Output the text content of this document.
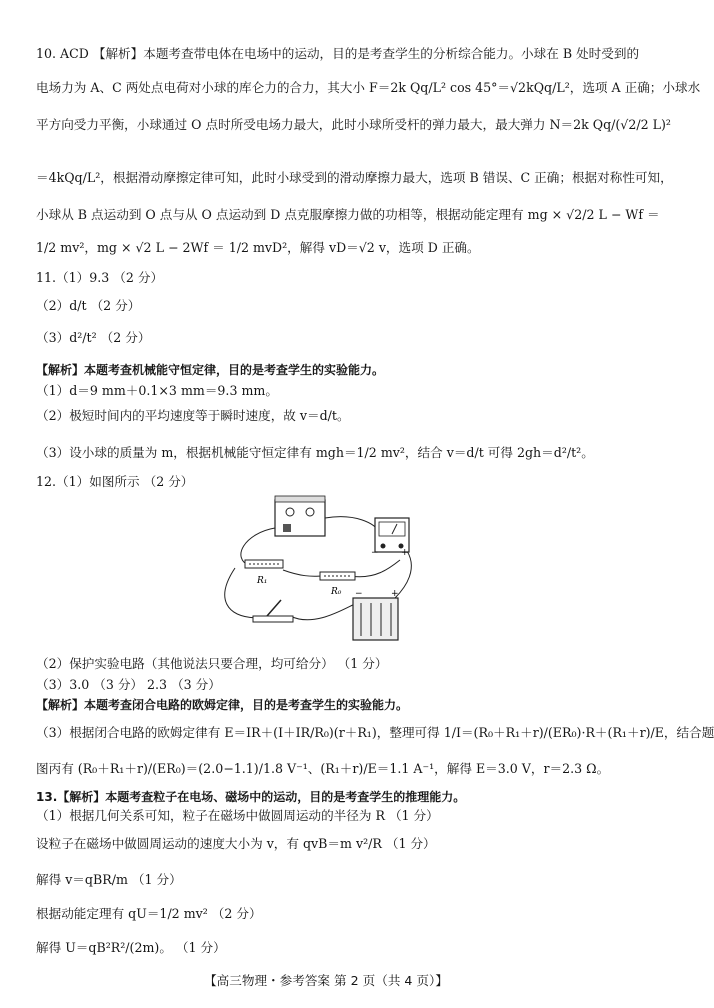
10. ACD 【解析】本题考查带电体在电场中的运动，目的是考查学生的分析综合能力。小球在 B 处时受到的
电场力为 A、C 两处点电荷对小球的库仑力的合力，其大小 F＝2k Qq/L² cos 45°＝√2kQq/L²，选项 A 正确；小球水
平方向受力平衡，小球通过 O 点时所受电场力最大，此时小球所受杆的弹力最大，最大弹力 N＝2k Qq/(√2/2 L)²
＝4kQq/L²，根据滑动摩擦定律可知，此时小球受到的滑动摩擦力最大，选项 B 错误、C 正确；根据对称性可知，
小球从 B 点运动到 O 点与从 O 点运动到 D 点克服摩擦力做的功相等，根据动能定理有 mg × √2/2 L − Wf ＝
1/2 mv²，mg × √2 L − 2Wf ＝ 1/2 mvD²，解得 vD＝√2 v，选项 D 正确。
11.（1）9.3 （2 分）
（2）d/t （2 分）
（3）d²/t² （2 分）
【解析】本题考查机械能守恒定律，目的是考查学生的实验能力。
（1）d＝9 mm＋0.1×3 mm＝9.3 mm。
（2）极短时间内的平均速度等于瞬时速度，故 v＝d/t。
（3）设小球的质量为 m，根据机械能守恒定律有 mgh＝1/2 mv²，结合 v＝d/t 可得 2gh＝d²/t²。
12.（1）如图所示 （2 分）
R₁
R₀
+
−
+
−
（2）保护实验电路（其他说法只要合理，均可给分） （1 分）
（3）3.0 （3 分） 2.3 （3 分）
【解析】本题考查闭合电路的欧姆定律，目的是考查学生的实验能力。
（3）根据闭合电路的欧姆定律有 E＝IR＋(I＋IR/R₀)(r＋R₁)，整理可得 1/I＝(R₀＋R₁＋r)/(ER₀)·R＋(R₁＋r)/E，结合题
图丙有 (R₀＋R₁＋r)/(ER₀)＝(2.0−1.1)/1.8 V⁻¹、(R₁＋r)/E＝1.1 A⁻¹，解得 E＝3.0 V，r＝2.3 Ω。
13.【解析】本题考查粒子在电场、磁场中的运动，目的是考查学生的推理能力。
（1）根据几何关系可知，粒子在磁场中做圆周运动的半径为 R （1 分）
设粒子在磁场中做圆周运动的速度大小为 v，有 qvB＝m v²/R （1 分）
解得 v＝qBR/m （1 分）
根据动能定理有 qU＝1/2 mv² （2 分）
解得 U＝qB²R²/(2m)。 （1 分）
【高三物理・参考答案 第 2 页（共 4 页）】
